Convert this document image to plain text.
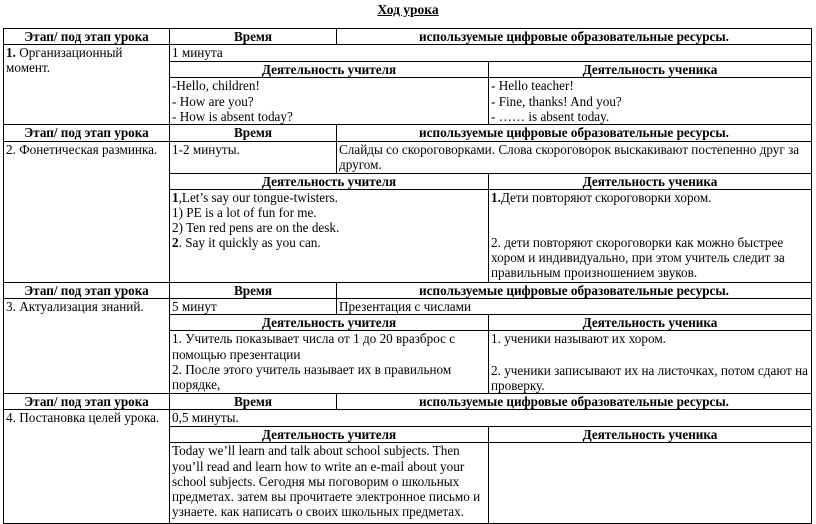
Ход урока
Этап/ под этап урока	Время	используемые цифровые образовательные ресурсы.	
1. Организационный момент.	1 минута		
	Деятельность учителя		Деятельность ученика

	-Hello, children!
- How are you?
- How is absent today?		- Hello teacher!
- Fine, thanks! And you?
- …… is absent today.

Этап/ под этап урока	Время	используемые цифровые образовательные ресурсы.	
2. Фонетическая разминка.	1-2 минуты.	Слайды со скороговорками. Слова скороговорок выскакивают постепенно друг за другом.	
	Деятельность учителя		Деятельность ученика

	1,Let’s say our tongue-twisters.
1) PE is a lot of fun for me.
2) Ten red pens are on the desk.
2. Say it quickly as you can.		1.Дети повторяют скороговорки хором.
2. дети повторяют скороговорки как можно быстрее хором и индивидуально, при этом учитель следит за правильным произношением звуков.

Этап/ под этап урока	Время	используемые цифровые образовательные ресурсы.	
3. Актуализация знаний.	5 минут	Презентация с числами	
	Деятельность учителя		Деятельность ученика

	1. Учитель показывает числа от 1 до 20 вразброс с помощью презентации
2. После этого учитель называет их в правильном порядке,		1. ученики называют их хором.
2. ученики записывают их на листочках, потом сдают на проверку.

Этап/ под этап урока	Время	используемые цифровые образовательные ресурсы.	
4. Постановка целей урока.	0,5 минуты.		
	Деятельность учителя		Деятельность ученика

	Today we’ll learn and talk about school subjects. Then you’ll read and learn how to write an e-mail about your school subjects. Сегодня мы поговорим о школьных предметах. затем вы прочитаете электронное письмо и узнаете. как написать о своих школьных предметах.		
